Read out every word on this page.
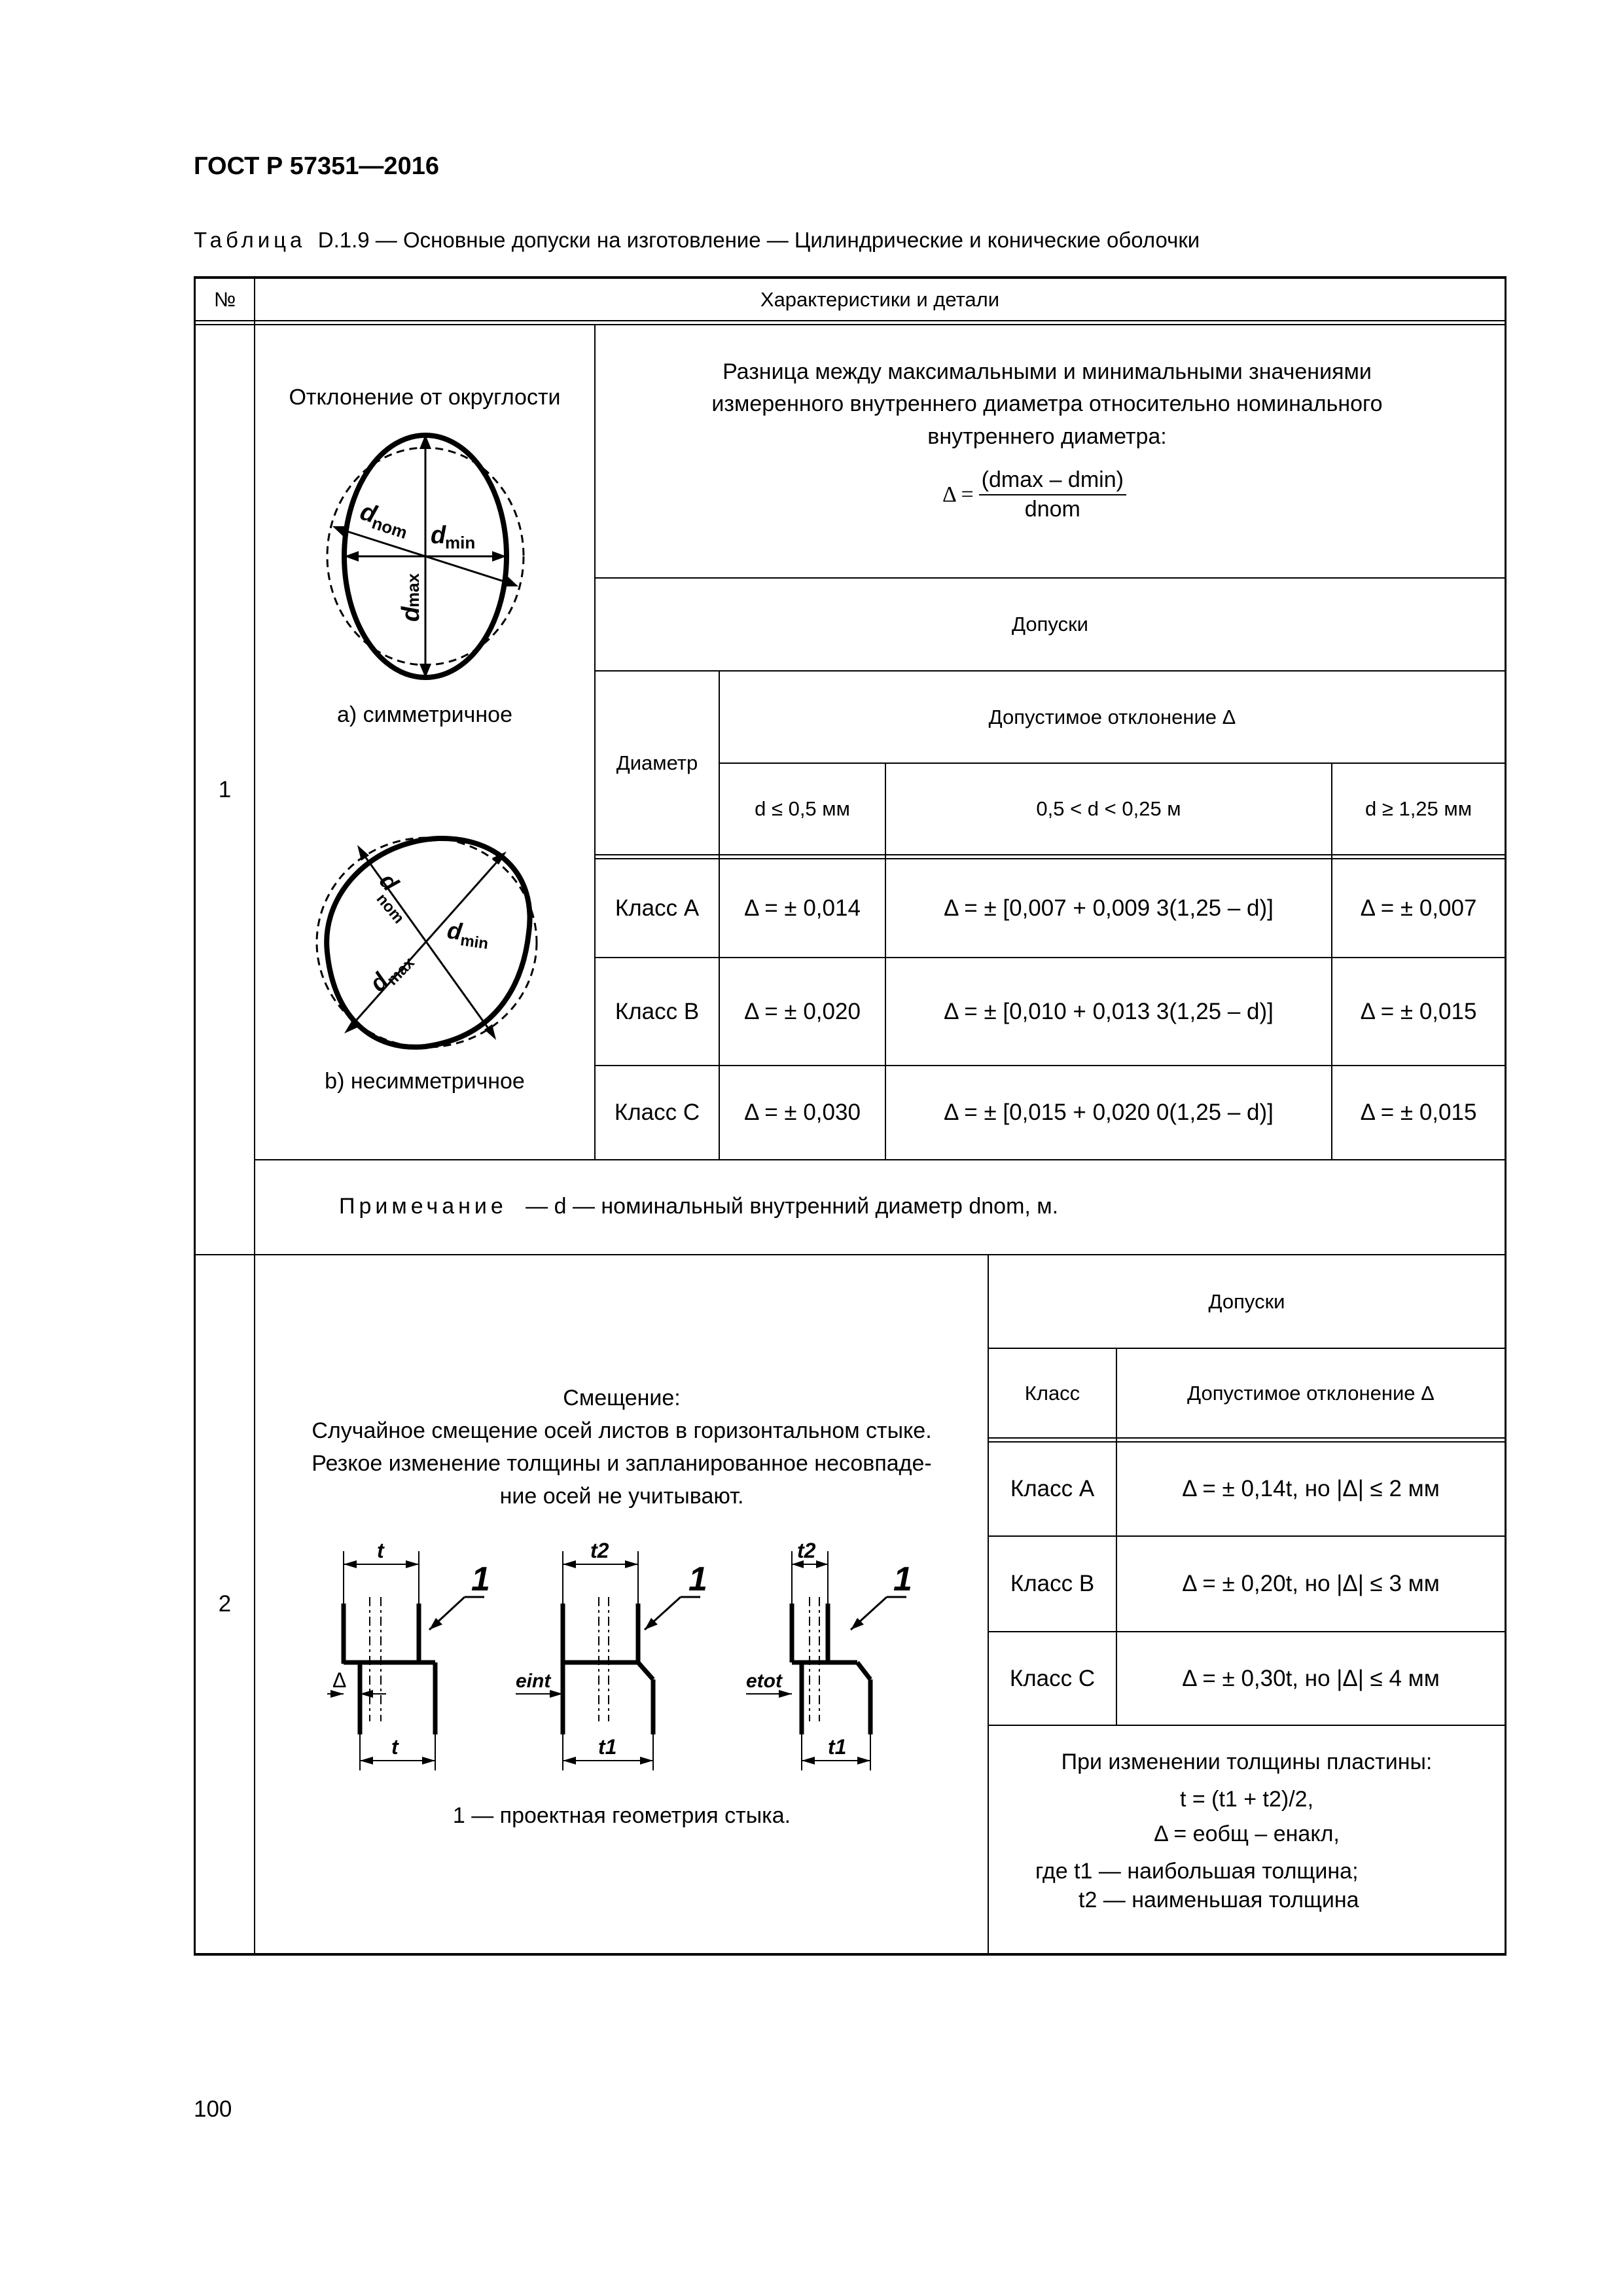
ГОСТ Р 57351—2016
Таблица D.1.9 — Основные допуски на изготовление — Цилиндрические и конические оболочки
№	Характеристики и детали
1
Отклонение от округлости
d
nom d
min
d
max
a) симметричное
d
nom
d
min
d
max
b) несимметричное
Разница между максимальными и минимальными значениями измеренного внутреннего диаметра относительно номинального внутреннего диаметра:
Δ =
(dmax – dmin)
dnom
Допуски
Диаметр
Допустимое отклонение Δ
d ≤ 0,5 мм	0,5 < d < 0,25 м	d ≥ 1,25 мм
Класс А	Δ = ± 0,014	Δ = ± [0,007 + 0,009 3(1,25 – d)]	Δ = ± 0,007
Класс В	Δ = ± 0,020	Δ = ± [0,010 + 0,013 3(1,25 – d)]	Δ = ± 0,015
Класс С	Δ = ± 0,030	Δ = ± [0,015 + 0,020 0(1,25 – d)]	Δ = ± 0,015
Примечание — d — номинальный внутренний диаметр dnom, м.
2
Смещение:
Случайное смещение осей листов в горизонтальном стыке.
Резкое изменение толщины и запланированное несовпаде-
ние осей не учитывают.
t
Δ
t
1
t2
eint
t1
1
t2
etot
t1
1
1 — проектная геометрия стыка.
Допуски
Класс	Допустимое отклонение Δ
Класс А	Δ = ± 0,14t, но |Δ| ≤ 2 мм
Класс В	Δ = ± 0,20t, но |Δ| ≤ 3 мм
Класс С	Δ = ± 0,30t, но |Δ| ≤ 4 мм
При изменении толщины пластины:
t = (t1 + t2)/2,
Δ = eобщ – eнакл,
где t1 — наибольшая толщина;
t2 — наименьшая толщина
100
